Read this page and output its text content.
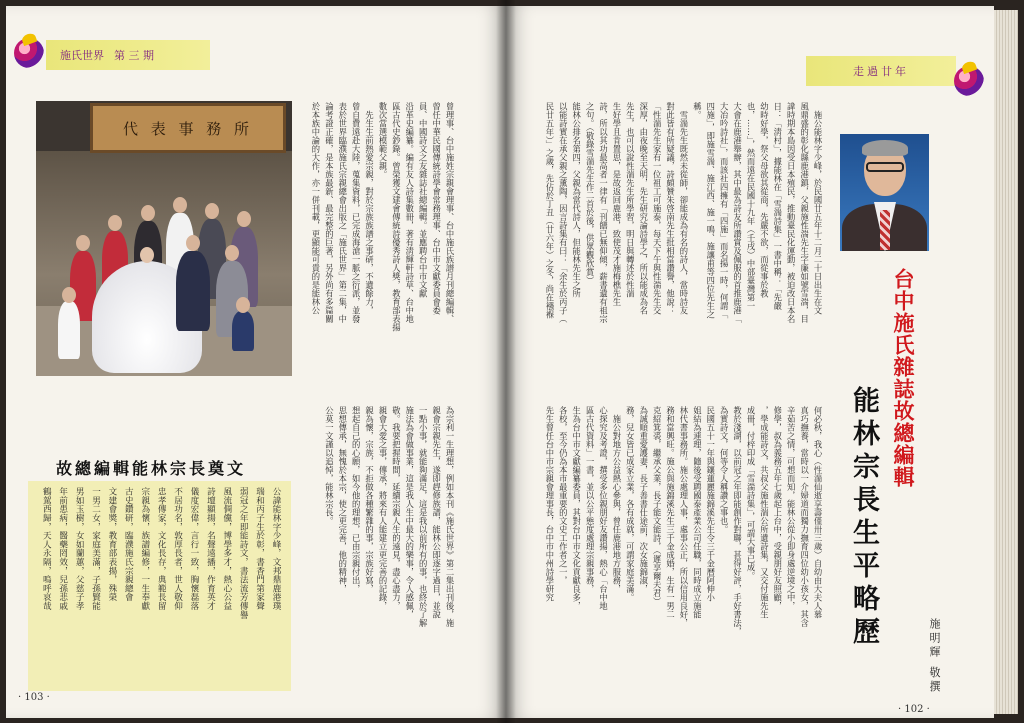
施氏世界 第 三 期
代 表 事 務 所	曾理事、台中施姓宗親會理事、台中施氏族譜月刊總編輯、
曾任中華民國傳統詩學會常務理事、台中市文獻委員會委
員、中國詩文之友雜誌社總編輯。並應聘台中市文獻
沿革史編纂。編有友人詩集數冊，著有淸輝軒詩草、台中地
區古代史鈔錄。曾榮獲文建會傳統詩優秀詩人獎，教育部表揚
數次當選模範父親。
　先生生前熱愛宗親，對於宗族族譜之事研，不遺餘力，
曾自費遠赴大陸，蒐集資料，已完成海滄一脈之衍派，並發
表於世界臨濮施氏宗親總會出版之「施氏世界」第二集，中
論考證正確，是本族最新、最完整的巨著，另外尚有多篇關
於本族中論的大作，亦一併刊載，更顯能可貴的是能林公
為宗利一生理想，例如本刊《施氏世界》第二集出刊後，施
親會宗親先生，遂即趕修族譜，能林公即逐字過目，並說
一點小事，就能夠滿足，這是我以前所有的事，也終於了解
施法為會做事業，這是我人生中最大的樂事，令人感佩，
敬。我要把握時間，延續宗親人生的遠見，盡心盡力，
親會大愛之事，傳承，將來有人能建立更完善的記錄，
親為懷，宗族，不拒做各種繁雜的事，宗族好寫，
想起自己的心願，如今他的理想，已由宗親付出，
思想傳承，無愧於本宗，使之更完善，他的精神，
公莫一文謹以追悼，能林宗長。
故總編輯能林宗長奠文
公諱能林字少峰，文邦鼎鹿港璞
瑞和丙子生於彰，書香門第家聲
弱冠之年即能詩文，書法流芳傳譽
風流倜儻，博學多才，熱心公益
詩壇顯揚，名聲遠播，作育英才
儀度宏偉，言行一致，胸懷磊落
不居功名，敦厚長者，世人敬仰
忠孝傳家，文化長存，典範長留
宗親為懷，族譜編修，一生奉獻
古史鑽研，臨濮施氏宗親總會
文建會獎，教育部表揚，殊榮
一男二女，家庭美滿，子孫賢能
男如玉樹，女如蘭蕙，父慈子孝
年前患病，醫藥罔效，兒孫悲戚
鶴駕西歸，天人永隔，嗚呼哀哉
· 103 ·
走過廿年
　施公能林字少峰，於民國廿五年十二月二十日出生在文
風鼎盛的彰化縣鹿港鎮，父親施性湍先生字廉如號雪湍，目
諱時期本島因受日本殖民，推動臺民化運動，被迫改日本名
日：「淸村」，據能林在「雪湍詩集」一書中稱：「先嚴
幼時好學，祭父母欲其從商，先嚴不欲，而從事於教
也，……」，然而遠在民國十九年（壬戌）中部臺灣第一
大會在鹿港舉辦，其中最為詩友所讚賞及佩服的首推鹿港「
大冶吟詩社」，而該社四擁有「四施」而名揚一時，何謂「
四施」，即施雪湍、施江西、施一鳴、施讓甫等四位先生之
稱。
　雪湍先生既然未從師，卻能成為有名的詩人，當時詩友
對此皆有所疑議，詩頗贊朱啓南先生批相當讚譽，他說：
「性湍先生家有一位祖工可施泰，每天下午與性湍先生交
深厚，由夜晚至天明，先生研究論詩學之，所以能成為名
先生，也可以說性湍先生所學習，明日與轉述於性湍
生好學且肯置思，是故返回鹿港，致使茂才施梅樵先生
詩，所以其功最高者一律有「刊饍已無仰傾，薪書遺有祖宗
之句。（敬錄雪湍先生作二首於後，供眾觀欣賞）
能林公排名第四，父親為當代詩人，但能林先生之所
以能詩實在承父親之薰陶，因言詩集有曰：「余生於丙子（
民廿五年）」之歲，先佔於丁丑（廿六年）之冬，尚在襁褓
台中施氏雜誌故總編輯
能林宗長生平略歷
施明輝 敬撰
何必秋，我心（性湍仙逝享壽僅卅三歲）自幼由大夫人慕
真巧撫養，當時以一介婦道而獨力撫育四位幼小孩女，其含
辛茹苦之情，可想而知，能林公從小即身處逆境之中，
修學，叔為義務五年七歲起上台中，受親朋好友照顧，
，學成能詩文，共叔父施性湍公所遺詩集，又交付施先生
成冊，付梓印成「雪湍詩集」，可謂大事已成。
教於淺湖，以前冠之年即能創作對聯，甚得好評，手好書法，
為實詩文，何等令人稱讚之事也。
民國五十一年與鑲蓮麗施錦溪先生令三千金曆阿伸小
姐結為連理，隨後受聘國泰產業公司任職，同時成立施能
林代書事務所。施公處理人事，處事公正，所以信用良好，
務和當興旺。施公與施錦溪先生三千金成婚，生有一男二
克紹箕裘，繼承父業，長子能文能詩，（遲享爾夫君）
為誠順重愛護妻，長子善書仕途前，次女施錦淑，
務，兒女皆已成家立業，各有成就，可謂家庭美滿。
　施公對地方公益熱心參與，曾任鹿港地方服務，
心探究及考證，撰受多位親朋好友讚揚，熱心「台中地
區古代資料」一書，並以公平態度處理宗親事務，
生為台中市文獻編纂委員，其對台中市文化貢獻良多，
各校，至今仍為本市最重要的文史工作者之一，
先生曾任台中市宗親會理事長，台中市中州詩學研究
· 102 ·
